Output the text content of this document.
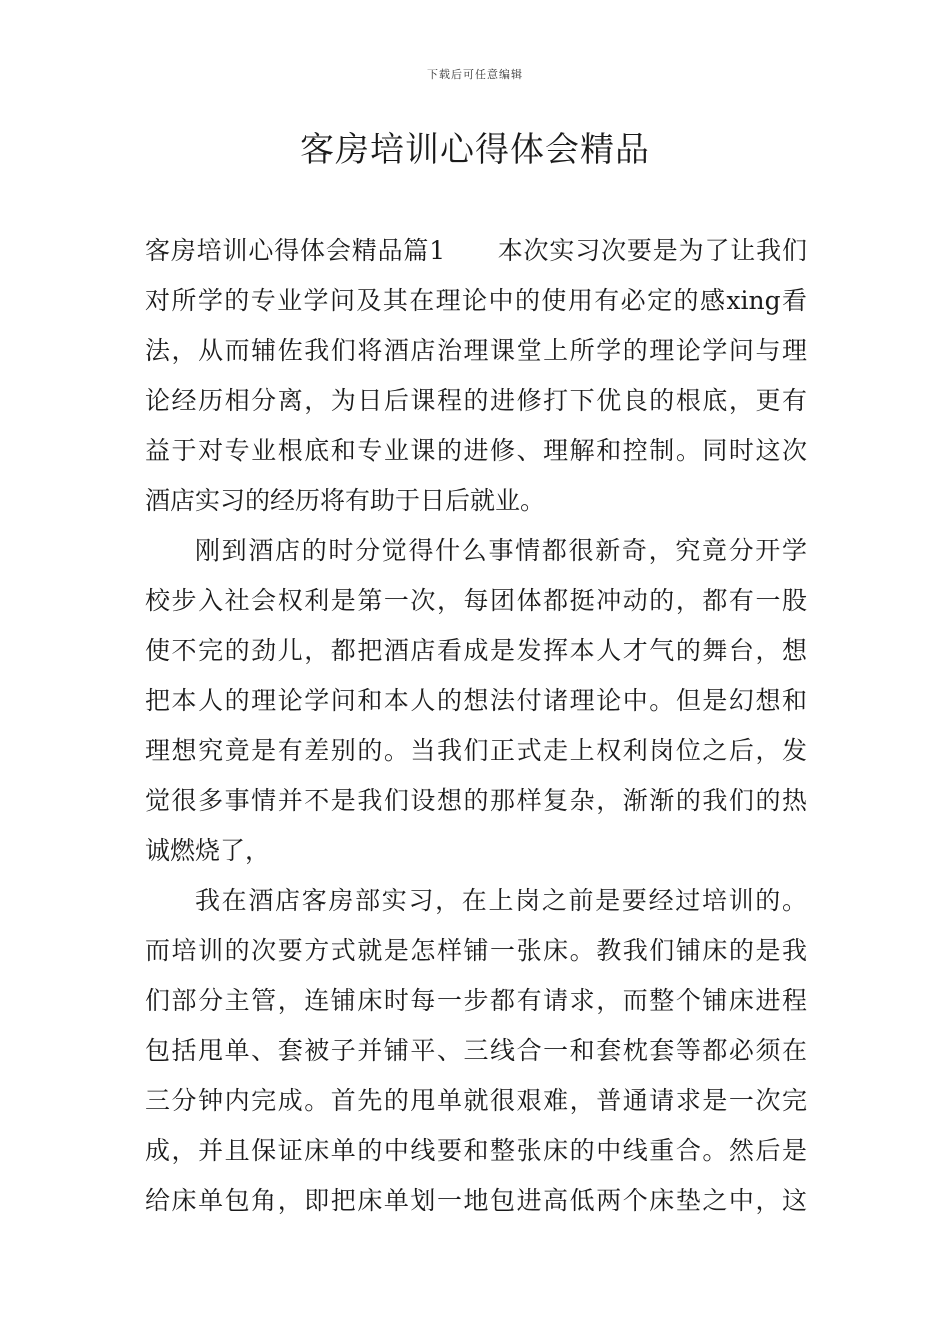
下载后可任意编辑
客房培训心得体会精品
客房培训心得体会精品篇1　　本次实习次要是为了让我们
对所学的专业学问及其在理论中的使用有必定的感xing看
法，从而辅佐我们将酒店治理课堂上所学的理论学问与理
论经历相分离，为日后课程的进修打下优良的根底，更有
益于对专业根底和专业课的进修、理解和控制。同时这次
酒店实习的经历将有助于日后就业。
刚到酒店的时分觉得什么事情都很新奇，究竟分开学
校步入社会权利是第一次，每团体都挺冲动的，都有一股
使不完的劲儿，都把酒店看成是发挥本人才气的舞台，想
把本人的理论学问和本人的想法付诸理论中。但是幻想和
理想究竟是有差别的。当我们正式走上权利岗位之后，发
觉很多事情并不是我们设想的那样复杂，渐渐的我们的热
诚燃烧了，
我在酒店客房部实习，在上岗之前是要经过培训的。
而培训的次要方式就是怎样铺一张床。教我们铺床的是我
们部分主管，连铺床时每一步都有请求，而整个铺床进程
包括甩单、套被子并铺平、三线合一和套枕套等都必须在
三分钟内完成。首先的甩单就很艰难，普通请求是一次完
成，并且保证床单的中线要和整张床的中线重合。然后是
给床单包角，即把床单划一地包进高低两个床垫之中，这
